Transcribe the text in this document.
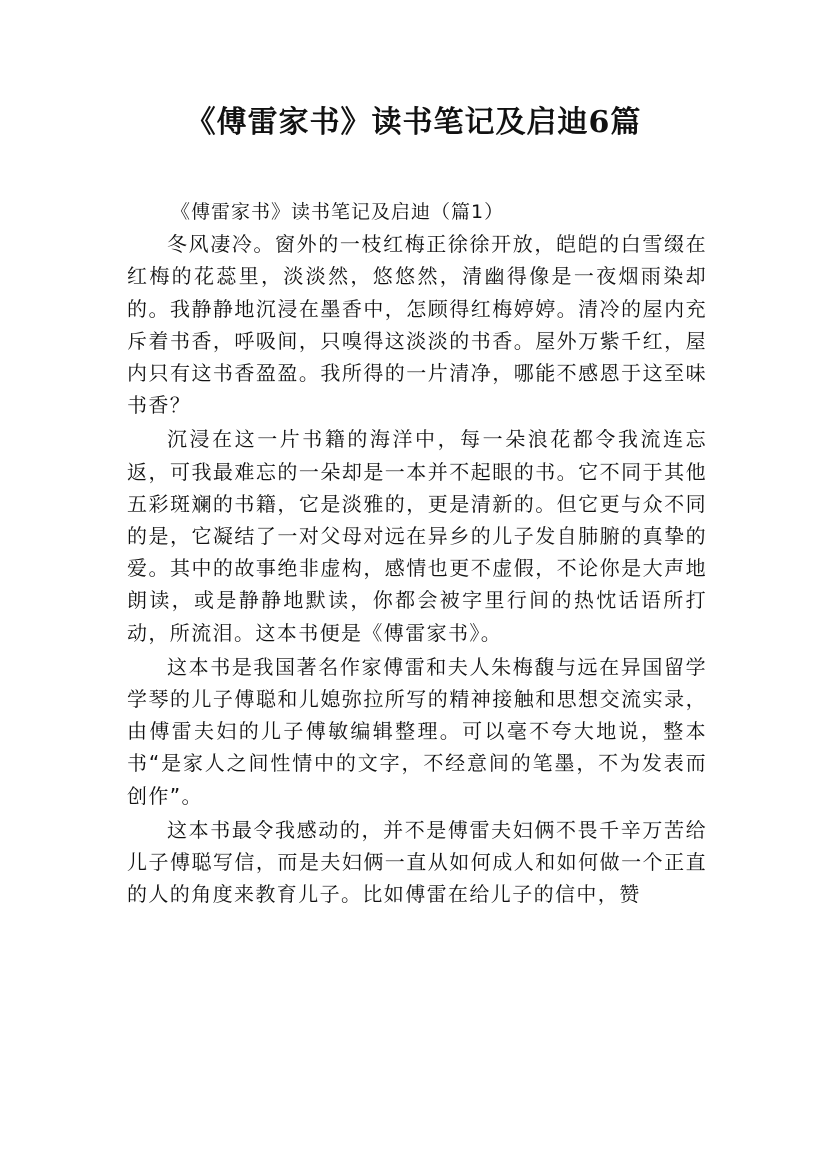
《傅雷家书》读书笔记及启迪6篇
《傅雷家书》读书笔记及启迪（篇1）

冬风凄冷。窗外的一枝红梅正徐徐开放，皑皑的白雪缀在红梅的花蕊里，淡淡然，悠悠然，清幽得像是一夜烟雨染却的。我静静地沉浸在墨香中，怎顾得红梅婷婷。清冷的屋内充斥着书香，呼吸间，只嗅得这淡淡的书香。屋外万紫千红，屋内只有这书香盈盈。我所得的一片清净，哪能不感恩于这至味书香？

沉浸在这一片书籍的海洋中，每一朵浪花都令我流连忘返，可我最难忘的一朵却是一本并不起眼的书。它不同于其他五彩斑斓的书籍，它是淡雅的，更是清新的。但它更与众不同的是，它凝结了一对父母对远在异乡的儿子发自肺腑的真挚的爱。其中的故事绝非虚构，感情也更不虚假，不论你是大声地朗读，或是静静地默读，你都会被字里行间的热忱话语所打动，所流泪。这本书便是《傅雷家书》。

这本书是我国著名作家傅雷和夫人朱梅馥与远在异国留学学琴的儿子傅聪和儿媳弥拉所写的精神接触和思想交流实录，由傅雷夫妇的儿子傅敏编辑整理。可以毫不夸大地说，整本书“是家人之间性情中的文字，不经意间的笔墨，不为发表而创作”。

这本书最令我感动的，并不是傅雷夫妇俩不畏千辛万苦给儿子傅聪写信，而是夫妇俩一直从如何成人和如何做一个正直的人的角度来教育儿子。比如傅雷在给儿子的信中，赞
